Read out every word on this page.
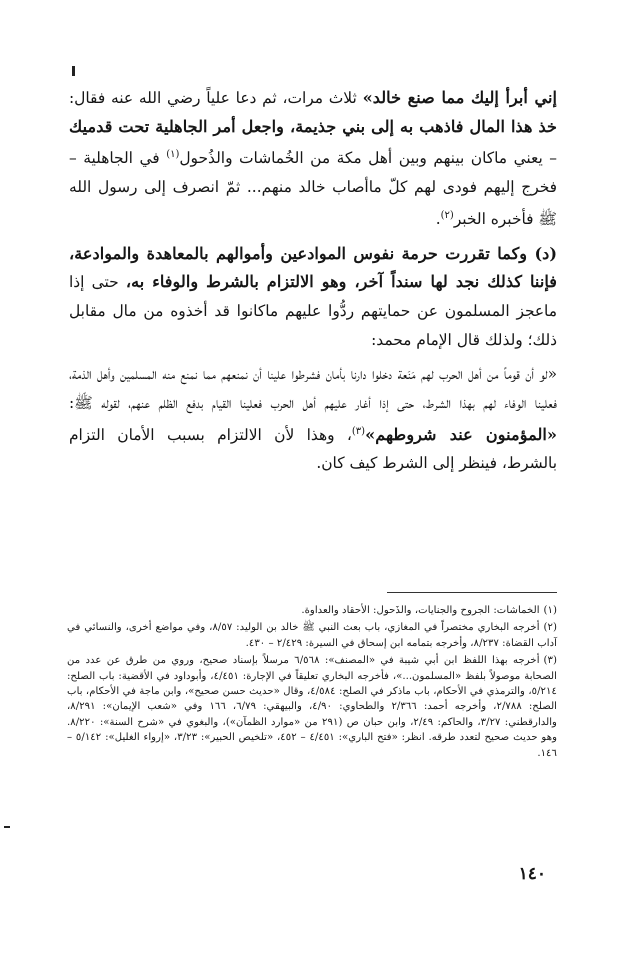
إني أبرأ إليك مما صنع خالد» ثلاث مرات، ثم دعا علياً رضي الله عنه فقال: خذ هذا المال فاذهب به إلى بني جذيمة، واجعل أمر الجاهلية تحت قدميك – يعني ماكان بينهم وبين أهل مكة من الخُماشات والذُحول$^{(١)}$ في الجاهلية – فخرج إليهم فودى لهم كلّ ماأصاب خالد منهم... ثمّ انصرف إلى رسول الله ﷺ فأخبره الخبر$^{(٢)}$.

(د) وكما تقررت حرمة نفوس الموادعين وأموالهم بالمعاهدة والموادعة، فإننا كذلك نجد لها سنداً آخر، وهو الالتزام بالشرط والوفاء به، حتى إذا ماعجز المسلمون عن حمايتهم ردُّوا عليهم ماكانوا قد أخذوه من مال مقابل ذلك؛ ولذلك قال الإمام محمد:

«لو أن قوماً من أهل الحرب لهم مَنَعة دخلوا دارنا بأمان فشرطوا علينا أن نمنعهم مما نمنع منه المسلمين وأهل الذمة، فعلينا الوفاء لهم بهذا الشرط، حتى إذا أغار عليهم أهل الحرب فعلينا القيام بدفع الظلم عنهم، لقوله ﷺ: «المؤمنون عند شروطهم»$^{(٣)}$، وهذا لأن الالتزام بسبب الأمان التزام بالشرط، فينظر إلى الشرط كيف كان.

(١)الخماشات: الجروح والجنايات، والذَحول: الأحقاد والعداوة.

(٢)أخرجه البخاري مختصراً في المغازي، باب بعث النبي ﷺ خالد بن الوليد: ٨/٥٧، وفي مواضع أخرى، والنسائي في آداب القضاة: ٨/٢٣٧، وأخرجه بتمامه ابن إسحاق في السيرة: ٢/٤٢٩ – ٤٣٠.

(٣)أخرجه بهذا اللفظ ابن أبي شيبة في «المصنف»: ٦/٥٦٨ مرسلاً بإسناد صحيح، وروي من طرق عن عدد من الصحابة موصولاً بلفظ «المسلمون...»، فأخرجه البخاري تعليقاً في الإجارة: ٤/٤٥١، وأبوداود في الأقضية: باب الصلح: ٥/٢١٤، والترمذي في الأحكام، باب ماذكر في الصلح: ٤/٥٨٤، وقال «حديث حسن صحيح»، وابن ماجة في الأحكام، باب الصلح: ٢/٧٨٨، وأخرجه أحمد: ٢/٣٦٦ والطحاوي: ٤/٩٠، والبيهقي: ٦/٧٩، ١٦٦ وفي «شعب الإيمان»: ٨/٢٩١، والدارقطني: ٣/٢٧، والحاكم: ٢/٤٩، وابن حبان ص (٢٩١ من «موارد الظمآن»)، والبغوي في «شرح السنة»: ٨/٢٢٠. وهو حديث صحيح لتعدد طرقه. انظر: «فتح الباري»: ٤/٤٥١ – ٤٥٢، «تلخيص الحبير»: ٣/٢٣، «إرواء الغليل»: ٥/١٤٢ – ١٤٦.

١٤٠
